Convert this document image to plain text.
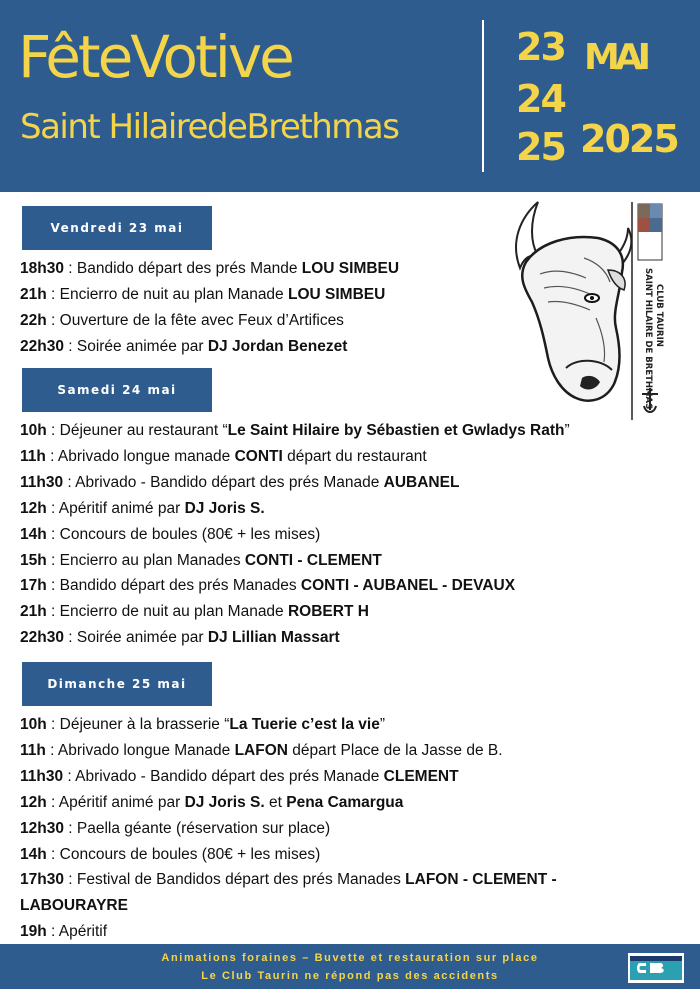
FêteVotive
Saint HilairedeBrethmas
23
24
25
MAI
2025
SAINT HILAIRE DE BRETHMAS CLUB TAURIN
Vendredi 23 mai
Samedi 24 mai
Dimanche 25 mai
18h30 : Bandido départ des prés Mande LOU SIMBEU
21h : Encierro de nuit au plan Manade LOU SIMBEU
22h : Ouverture de la fête avec Feux d’Artifices
22h30 : Soirée animée par DJ Jordan Benezet
10h : Déjeuner au restaurant “Le Saint Hilaire by Sébastien et Gwladys Rath”
11h : Abrivado longue manade CONTI départ du restaurant
11h30 : Abrivado - Bandido départ des prés Manade AUBANEL
12h : Apéritif animé par DJ Joris S.
14h : Concours de boules (80€ + les mises)
15h : Encierro au plan Manades CONTI - CLEMENT
17h : Bandido départ des prés Manades CONTI - AUBANEL - DEVAUX
21h : Encierro de nuit au plan Manade ROBERT H
22h30 : Soirée animée par DJ Lillian Massart
10h : Déjeuner à la brasserie “La Tuerie c’est la vie”
11h : Abrivado longue Manade LAFON départ Place de la Jasse de B.
11h30 : Abrivado - Bandido départ des prés Manade CLEMENT
12h : Apéritif animé par DJ Joris S. et Pena Camargua
12h30 : Paella géante (réservation sur place)
14h : Concours de boules (80€ + les mises)
17h30 : Festival de Bandidos départ des prés Manades LAFON - CLEMENT -
LABOURAYRE
19h : Apéritif
Animations foraines – Buvette et restauration sur place
Le Club Taurin ne répond pas des accidents
